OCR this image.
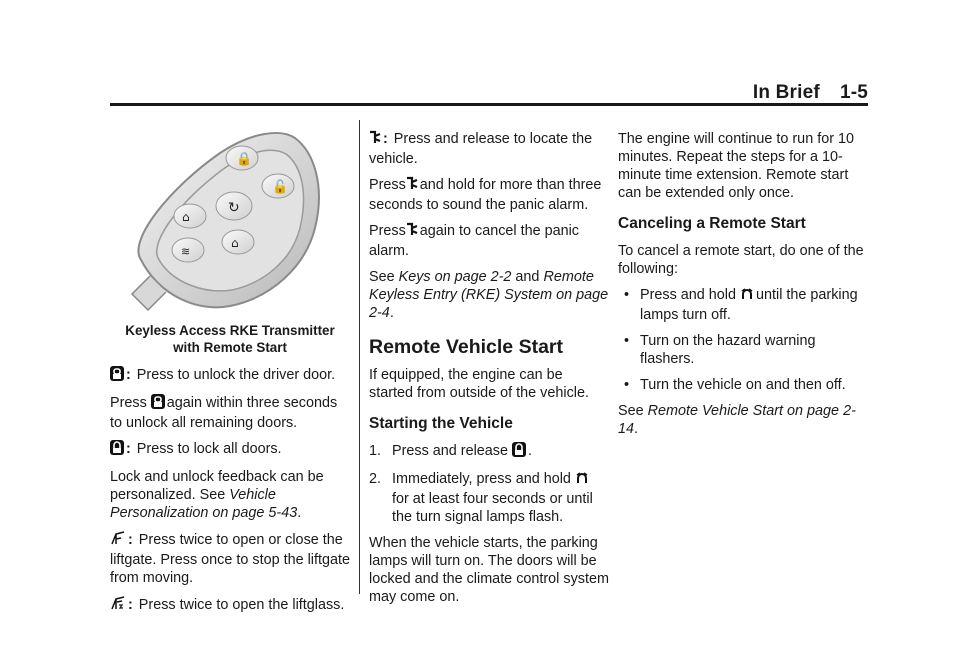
In Brief 1-5
🔒
🔓
↻
⌂
⌂
≋
Keyless Access RKE Transmitter
with Remote Start

: Press to unlock the driver door.

Press again within three seconds to unlock all remaining doors.

: Press to lock all doors.

Lock and unlock feedback can be personalized. See Vehicle Personalization on page 5-43.

: Press twice to open or close the liftgate. Press once to stop the liftgate from moving.

: Press twice to open the liftglass.

: Press and release to locate the vehicle.

Press and hold for more than three seconds to sound the panic alarm.

Press again to cancel the panic alarm.

See Keys on page 2-2 and Remote Keyless Entry (RKE) System on page 2-4.

Remote Vehicle Start

If equipped, the engine can be started from outside of the vehicle.

Starting the Vehicle
1. Press and release .
2. Immediately, press and hold  for at least four seconds or until the turn signal lamps flash.

When the vehicle starts, the parking lamps will turn on. The doors will be locked and the climate control system may come on.

The engine will continue to run for 10 minutes. Repeat the steps for a 10-minute time extension. Remote start can be extended only once.

Canceling a Remote Start

To cancel a remote start, do one of the following:

• Press and hold until the parking lamps turn off.
• Turn on the hazard warning flashers.
• Turn the vehicle on and then off.

See Remote Vehicle Start on page 2-14.
